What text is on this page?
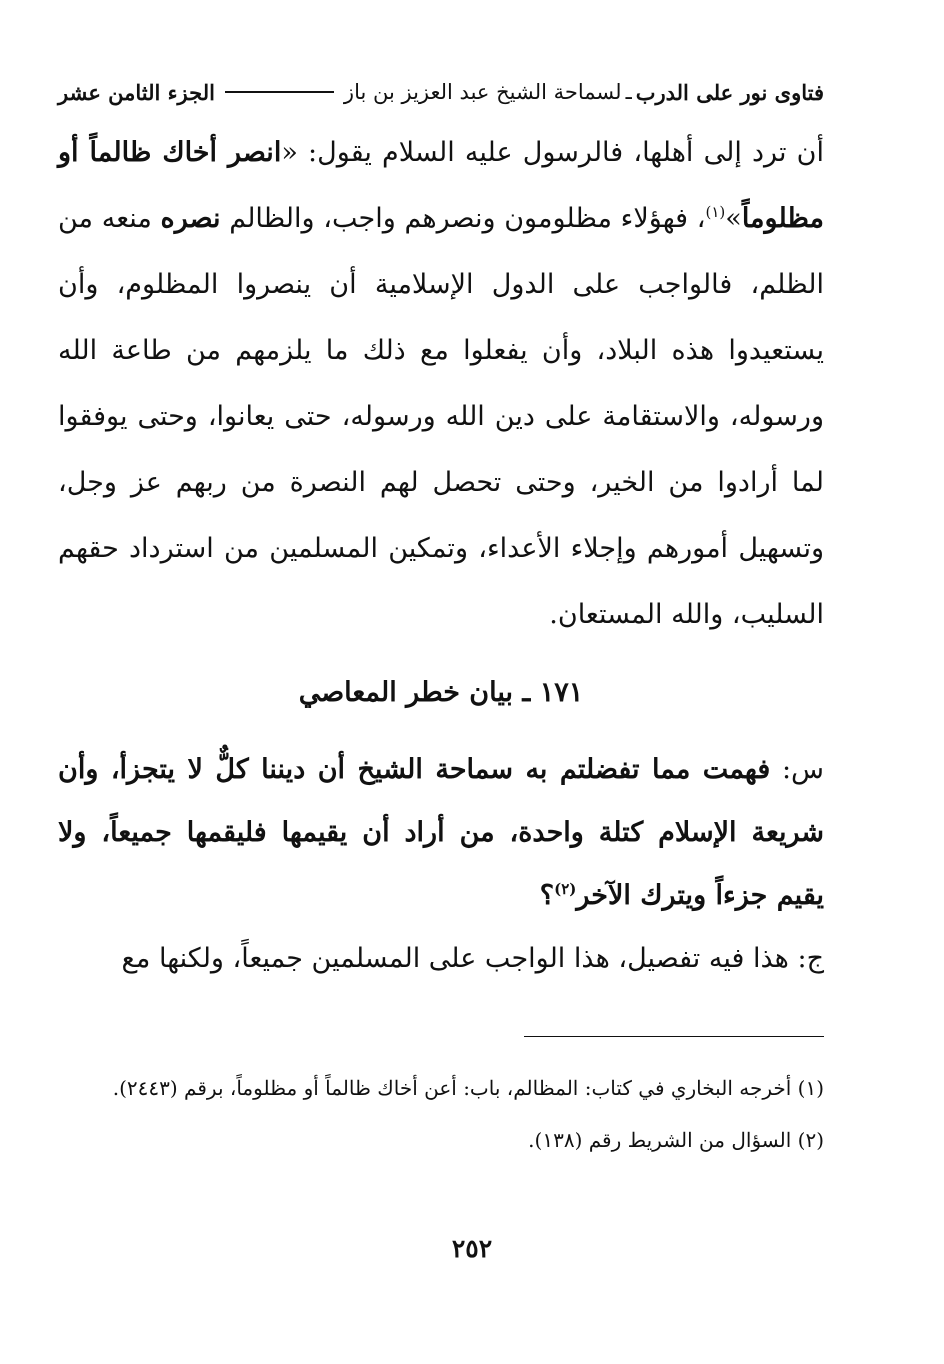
فتاوى نور على الدرب
ـ
لسماحة الشيخ عبد العزيز بن باز
الجزء الثامن عشر

أن ترد إلى أهلها، فالرسول عليه السلام يقول: «انصر أخاك ظالماً أو مظلوماً»$^{(١)}$، فهؤلاء مظلومون ونصرهم واجب، والظالم نصره منعه من الظلم، فالواجب على الدول الإسلامية أن ينصروا المظلوم، وأن يستعيدوا هذه البلاد، وأن يفعلوا مع ذلك ما يلزمهم من طاعة الله ورسوله، والاستقامة على دين الله ورسوله، حتى يعانوا، وحتى يوفقوا لما أرادوا من الخير، وحتى تحصل لهم النصرة من ربهم عز وجل، وتسهيل أمورهم وإجلاء الأعداء، وتمكين المسلمين من استرداد حقهم السليب، والله المستعان.

١٧١ ـ بيان خطر المعاصي

س: فهمت مما تفضلتم به سماحة الشيخ أن ديننا كلٌّ لا يتجزأ، وأن شريعة الإسلام كتلة واحدة، من أراد أن يقيمها فليقمها جميعاً، ولا يقيم جزءاً ويترك الآخر$^{(٢)}$؟

ج: هذا فيه تفصيل، هذا الواجب على المسلمين جميعاً، ولكنها مع

(١) أخرجه البخاري في كتاب: المظالم، باب: أعن أخاك ظالماً أو مظلوماً، برقم (٢٤٤٣).

(٢) السؤال من الشريط رقم (١٣٨).

٢٥٢
